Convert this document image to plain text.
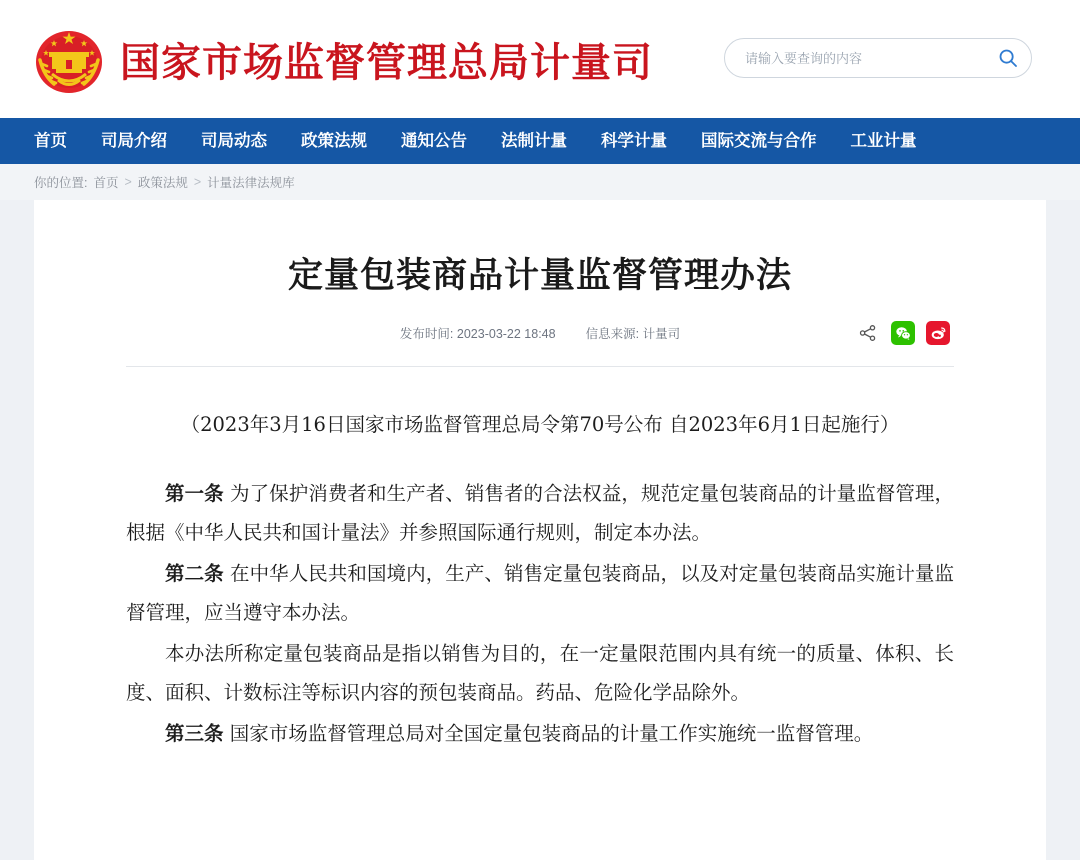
国家市场监督管理总局计量司
请输入要查询的内容
首页 司局介绍 司局动态 政策法规 通知公告 法制计量 科学计量 国际交流与合作 工业计量
你的位置: 首页 > 政策法规 > 计量法律法规库
定量包装商品计量监督管理办法
发布时间: 2023-03-22 18:48 信息来源: 计量司

（2023年3月16日国家市场监督管理总局令第70号公布 自2023年6月1日起施行）

第一条 为了保护消费者和生产者、销售者的合法权益，规范定量包装商品的计量监督管理，根据《中华人民共和国计量法》并参照国际通行规则，制定本办法。

第二条 在中华人民共和国境内，生产、销售定量包装商品，以及对定量包装商品实施计量监督管理，应当遵守本办法。

本办法所称定量包装商品是指以销售为目的，在一定量限范围内具有统一的质量、体积、长度、面积、计数标注等标识内容的预包装商品。药品、危险化学品除外。

第三条 国家市场监督管理总局对全国定量包装商品的计量工作实施统一监督管理。
